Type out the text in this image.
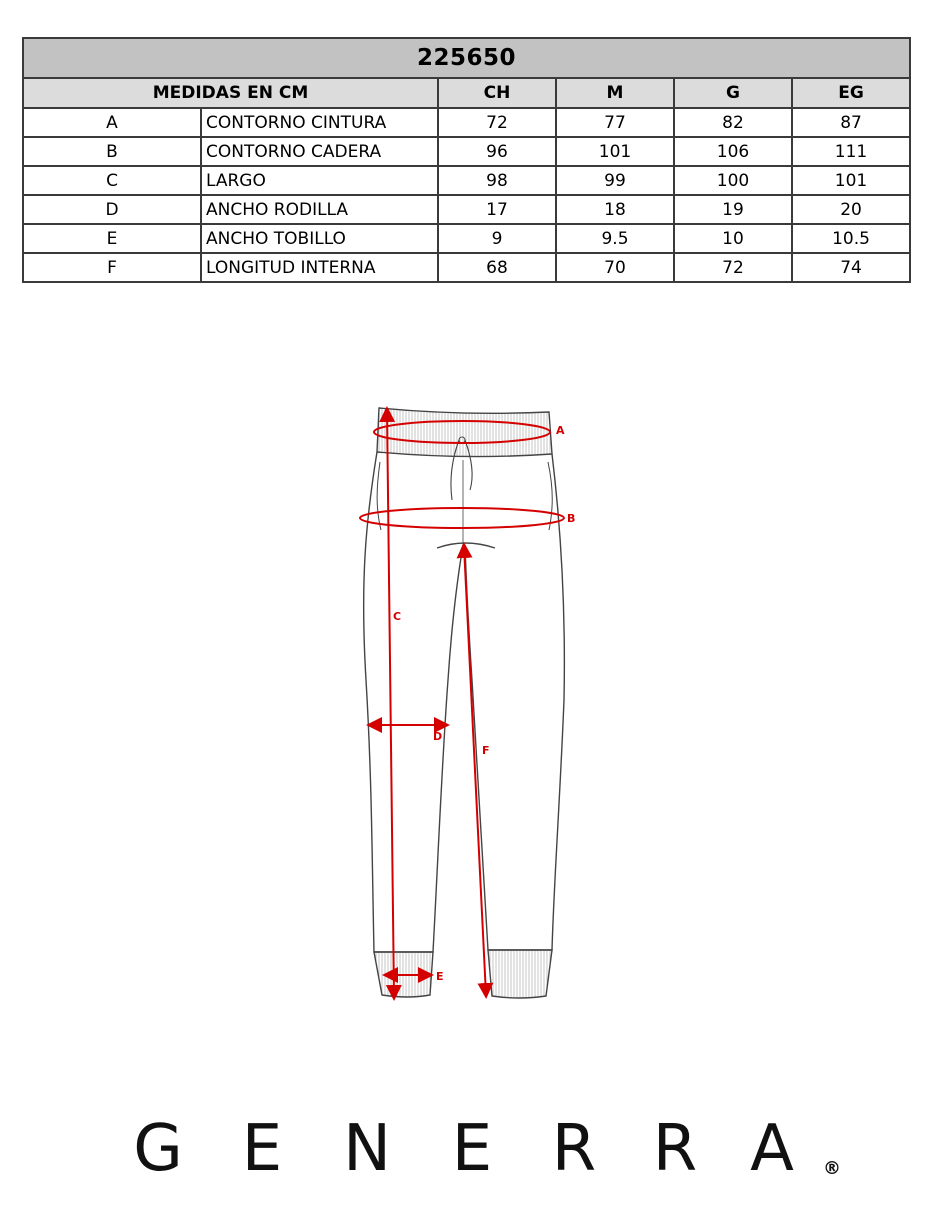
225650					
MEDIDAS EN CM		CH	M	G	EG
A	CONTORNO CINTURA	72	77	82	87
B	CONTORNO CADERA	96	101	106	111
C	LARGO	98	99	100	101
D	ANCHO RODILLA	17	18	19	20
E	ANCHO TOBILLO	9	9.5	10	10.5
F	LONGITUD INTERNA	68	70	72	74
A
B
C
D
E
F
G E N E R R A ®
